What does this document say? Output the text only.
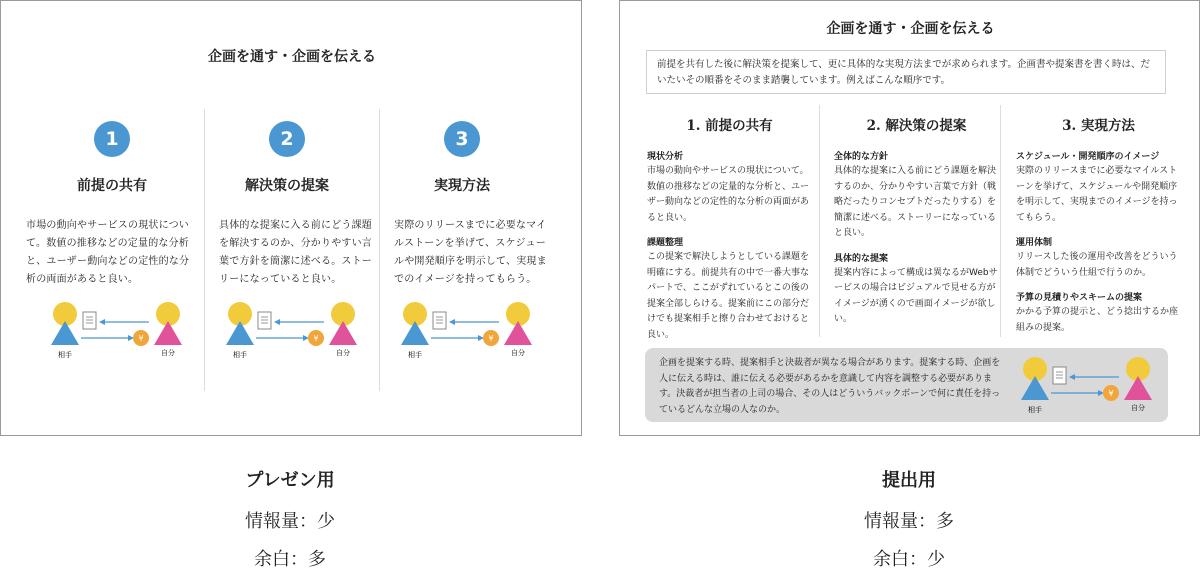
企画を通す・企画を伝える
1
前提の共有
市場の動向やサービスの現状について。数値の推移などの定量的な分析と、ユーザー動向などの定性的な分析の両面があると良い。
2
解決策の提案
具体的な提案に入る前にどう課題を解決するのか、分かりやすい言葉で方針を簡潔に述べる。ストーリーになっていると良い。
3
実現方法
実際のリリースまでに必要なマイルストーンを挙げて、スケジュールや開発順序を明示して、実現までのイメージを持ってもらう。
相手
¥
自分	相手
¥
自分	相手
¥
自分
企画を通す・企画を伝える
前提を共有した後に解決策を提案して、更に具体的な実現方法までが求められます。企画書や提案書を書く時は、だいたいその順番をそのまま踏襲しています。例えばこんな順序です。
1. 前提の共有
現状分析
市場の動向やサービスの現状について。数値の推移などの定量的な分析と、ユーザー動向などの定性的な分析の両面があると良い。
課題整理
この提案で解決しようとしている課題を明確にする。前提共有の中で一番大事なパートで、ここがずれているとこの後の提案全部しらける。提案前にこの部分だけでも提案相手と擦り合わせておけると良い。
2. 解決策の提案
全体的な方針
具体的な提案に入る前にどう課題を解決するのか、分かりやすい言葉で方針（戦略だったりコンセプトだったりする）を簡潔に述べる。ストーリーになっていると良い。
具体的な提案
提案内容によって構成は異なるがWebサービスの場合はビジュアルで見せる方がイメージが湧くので画面イメージが欲しい。
3. 実現方法
スケジュール・開発順序のイメージ
実際のリリースまでに必要なマイルストーンを挙げて、スケジュールや開発順序を明示して、実現までのイメージを持ってもらう。
運用体制
リリースした後の運用や改善をどういう体制でどういう仕組で行うのか。
予算の見積りやスキームの提案
かかる予算の提示と、どう捻出するか座組みの提案。
企画を提案する時、提案相手と決裁者が異なる場合があります。提案する時、企画を人に伝える時は、誰に伝える必要があるかを意識して内容を調整する必要があります。決裁者が担当者の上司の場合、その人はどういうバックボーンで何に責任を持っているどんな立場の人なのか。	相手
¥
自分
プレゼン用
情報量：少
余白：多
提出用
情報量：多
余白：少
